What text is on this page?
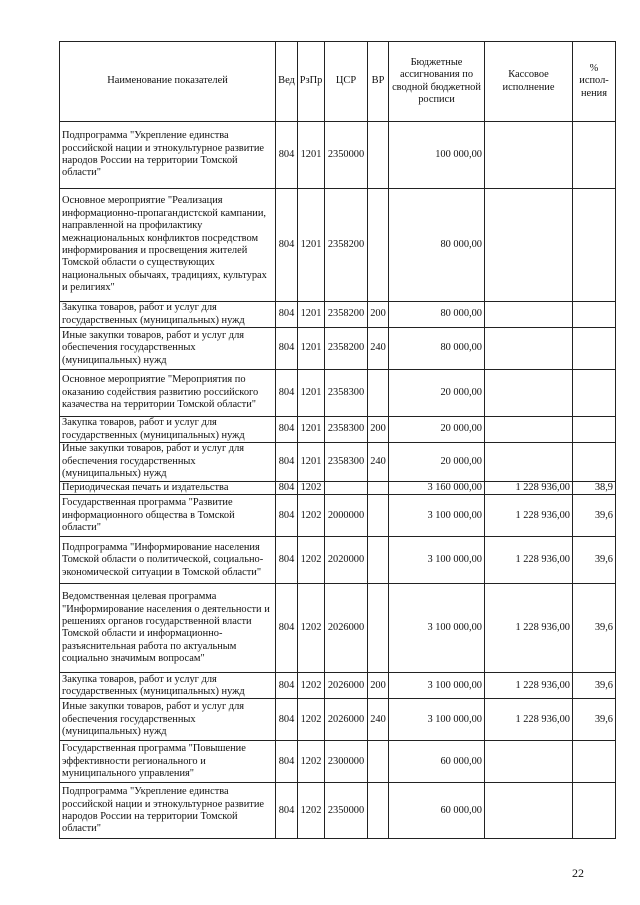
Наименование показателей	Вед	РзПр	ЦСР	ВР	Бюджетные ассигнования по сводной бюджетной росписи	Кассовое исполнение	% испол-нения
Подпрограмма "Укрепление единства российской нации и этнокультурное развитие народов России на территории Томской области"	804	1201	2350000		100 000,00		
Основное мероприятие "Реализация информационно-пропагандистской кампании, направленной на профилактику межнациональных конфликтов посредством информирования и просвещения жителей Томской области о существующих национальных обычаях, традициях, культурах и религиях"	804	1201	2358200		80 000,00		
Закупка товаров, работ и услуг для государственных (муниципальных) нужд	804	1201	2358200	200	80 000,00		
Иные закупки товаров, работ и услуг для обеспечения государственных (муниципальных) нужд	804	1201	2358200	240	80 000,00		
Основное мероприятие "Мероприятия по оказанию содействия развитию российского казачества на территории Томской области"	804	1201	2358300		20 000,00		
Закупка товаров, работ и услуг для государственных (муниципальных) нужд	804	1201	2358300	200	20 000,00		
Иные закупки товаров, работ и услуг для обеспечения государственных (муниципальных) нужд	804	1201	2358300	240	20 000,00		
Периодическая печать и издательства	804	1202			3 160 000,00	1 228 936,00	38,9
Государственная программа "Развитие информационного общества в Томской области"	804	1202	2000000		3 100 000,00	1 228 936,00	39,6
Подпрограмма "Информирование населения Томской области о политической, социально-экономической ситуации в Томской области"	804	1202	2020000		3 100 000,00	1 228 936,00	39,6
Ведомственная целевая программа "Информирование населения о деятельности и решениях органов государственной власти Томской области и информационно-разъяснительная работа по актуальным социально значимым вопросам"	804	1202	2026000		3 100 000,00	1 228 936,00	39,6
Закупка товаров, работ и услуг для государственных (муниципальных) нужд	804	1202	2026000	200	3 100 000,00	1 228 936,00	39,6
Иные закупки товаров, работ и услуг для обеспечения государственных (муниципальных) нужд	804	1202	2026000	240	3 100 000,00	1 228 936,00	39,6
Государственная программа "Повышение эффективности регионального и муниципального управления"	804	1202	2300000		60 000,00		
Подпрограмма "Укрепление единства российской нации и этнокультурное развитие народов России на территории Томской области"	804	1202	2350000		60 000,00		
22
